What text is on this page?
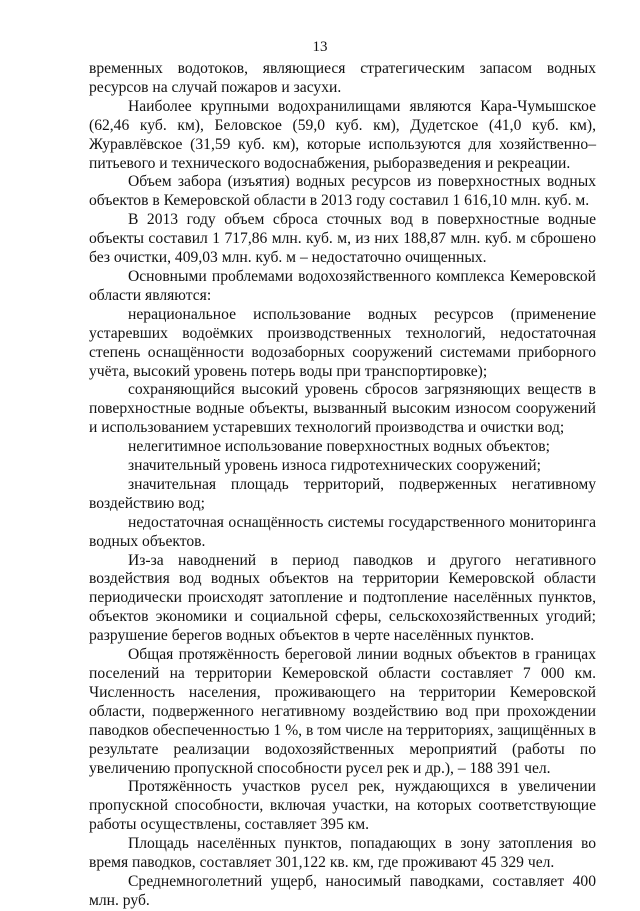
13

временных водотоков, являющиеся стратегическим запасом водных ресурсов на случай пожаров и засухи.

Наиболее крупными водохранилищами являются Кара-Чумышское (62,46 куб. км), Беловское (59,0 куб. км), Дудетское (41,0 куб. км), Журавлёвское (31,59 куб. км), которые используются для хозяйственно–питьевого и технического водоснабжения, рыборазведения и рекреации.

Объем забора (изъятия) водных ресурсов из поверхностных водных объектов в Кемеровской области в 2013 году составил 1 616,10 млн. куб. м.

В 2013 году объем сброса сточных вод в поверхностные водные объекты составил 1 717,86 млн. куб. м, из них 188,87 млн. куб. м сброшено без очистки, 409,03 млн. куб. м – недостаточно очищенных.

Основными проблемами водохозяйственного комплекса Кемеровской области являются:

нерациональное использование водных ресурсов (применение устаревших водоёмких производственных технологий, недостаточная степень оснащённости водозаборных сооружений системами приборного учёта, высокий уровень потерь воды при транспортировке);

сохраняющийся высокий уровень сбросов загрязняющих веществ в поверхностные водные объекты, вызванный высоким износом сооружений и использованием устаревших технологий производства и очистки вод;

нелегитимное использование поверхностных водных объектов;

значительный уровень износа гидротехнических сооружений;

значительная площадь территорий, подверженных негативному воздействию вод;

недостаточная оснащённость системы государственного мониторинга водных объектов.

Из-за наводнений в период паводков и другого негативного воздействия вод водных объектов на территории Кемеровской области периодически происходят затопление и подтопление населённых пунктов, объектов экономики и социальной сферы, сельскохозяйственных угодий; разрушение берегов водных объектов в черте населённых пунктов.

Общая протяжённость береговой линии водных объектов в границах поселений на территории Кемеровской области составляет 7 000 км. Численность населения, проживающего на территории Кемеровской области, подверженного негативному воздействию вод при прохождении паводков обеспеченностью 1 %, в том числе на территориях, защищённых в результате реализации водохозяйственных мероприятий (работы по увеличению пропускной способности русел рек и др.), – 188 391 чел.

Протяжённость участков русел рек, нуждающихся в увеличении пропускной способности, включая участки, на которых соответствующие работы осуществлены, составляет 395 км.

Площадь населённых пунктов, попадающих в зону затопления во время паводков, составляет 301,122 кв. км, где проживают 45 329 чел.

Среднемноголетний ущерб, наносимый паводками, составляет 400 млн. руб.
